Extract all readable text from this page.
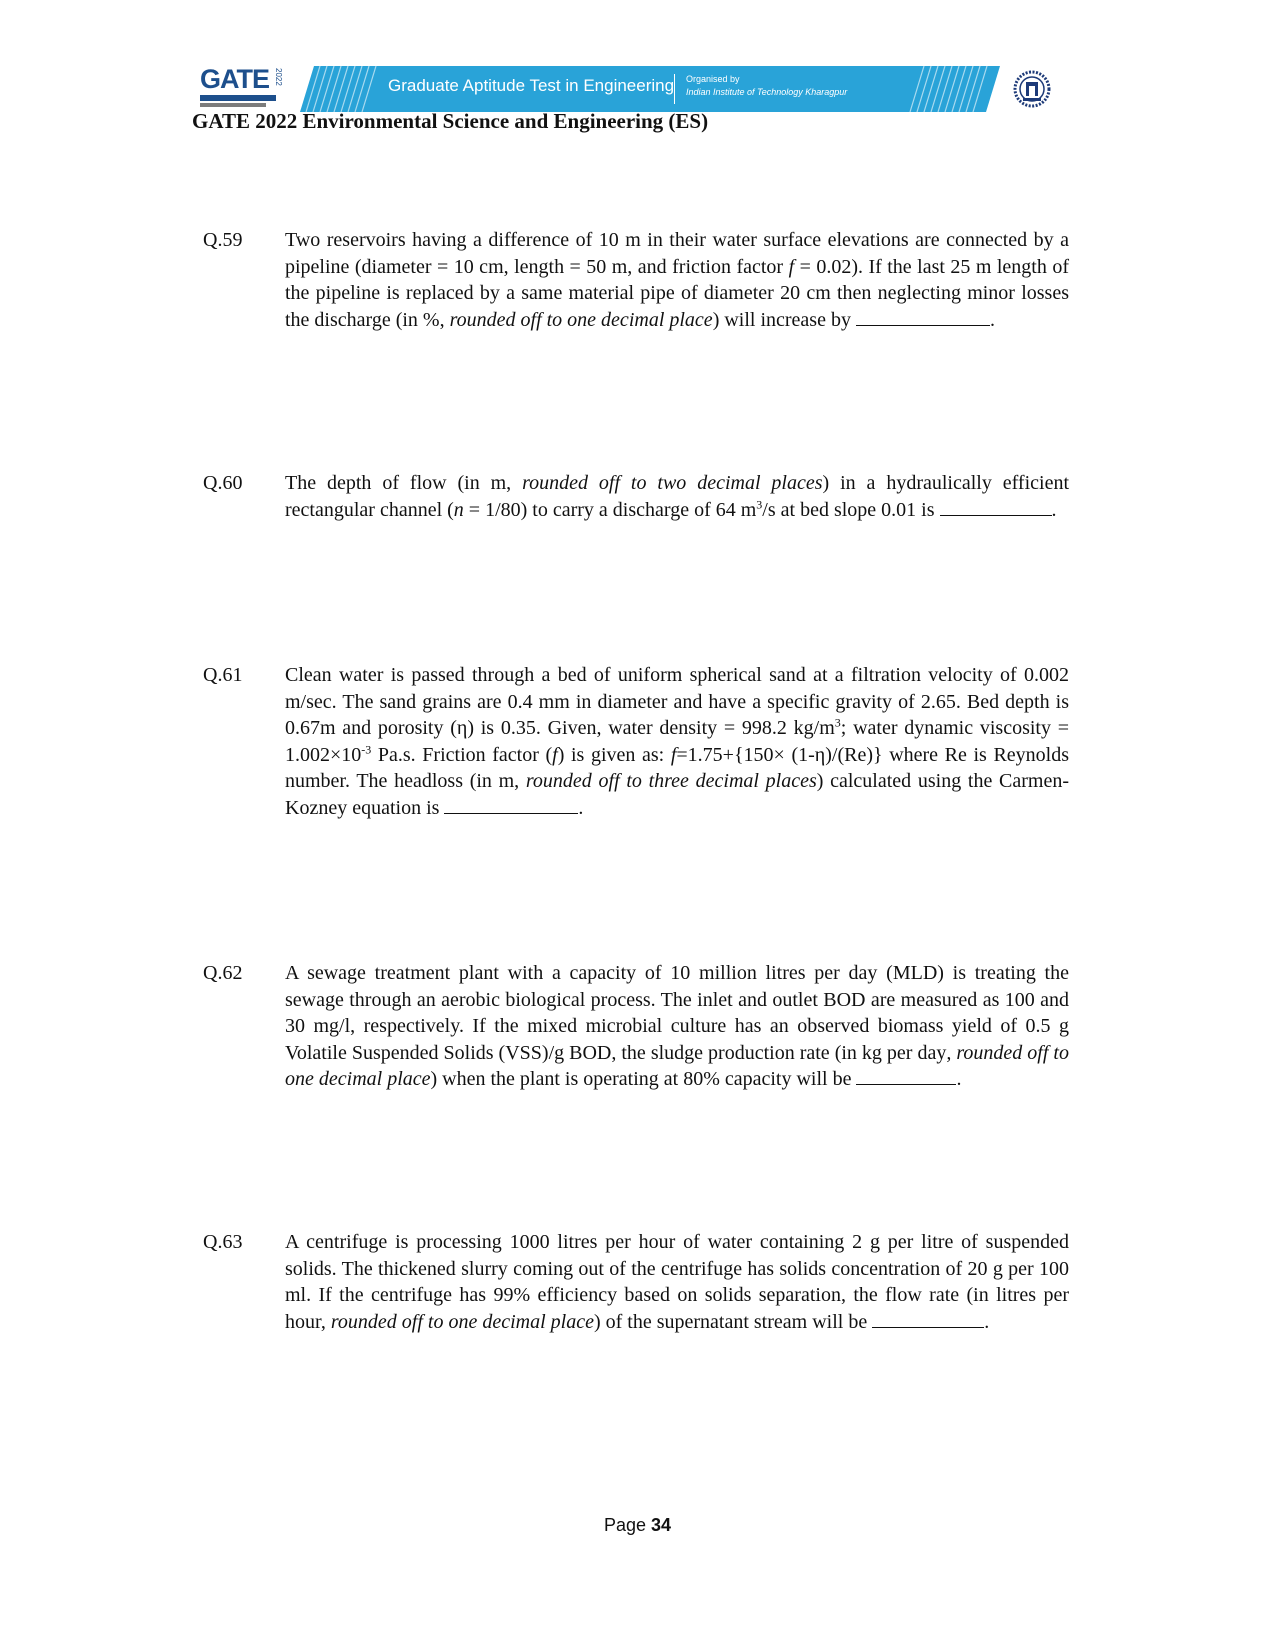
GATE 2022	Graduate Aptitude Test in Engineering Organised by
Indian Institute of Technology Kharagpur
GATE 2022 Environmental Science and Engineering (ES)
Q.59 Two reservoirs having a difference of 10 m in their water surface elevations are connected by a pipeline (diameter = 10 cm, length = 50 m, and friction factor f = 0.02). If the last 25 m length of the pipeline is replaced by a same material pipe of diameter 20 cm then neglecting minor losses the discharge (in %, rounded off to one decimal place) will increase by	.

Q.60 The depth of flow (in m, rounded off to two decimal places) in a hydraulically efficient rectangular channel (n = 1/80) to carry a discharge of 64 $m^3/s$ at bed slope 0.01 is	.

Q.61 Clean water is passed through a bed of uniform spherical sand at a filtration velocity of 0.002 m/sec. The sand grains are 0.4 mm in diameter and have a specific gravity of 2.65. Bed depth is 0.67m and porosity (η) is 0.35. Given, water density = 998.2 $kg/m^3$; water dynamic viscosity = $1.002\times 10^{-3}$ Pa.s. Friction factor (f) is given as: f=1.75+{150× (1-η)/(Re)} where Re is Reynolds number. The headloss (in m, rounded off to three decimal places) calculated using the Carmen-Kozney equation is	.

Q.62 A sewage treatment plant with a capacity of 10 million litres per day (MLD) is treating the sewage through an aerobic biological process. The inlet and outlet BOD are measured as 100 and 30 mg/l, respectively. If the mixed microbial culture has an observed biomass yield of 0.5 g Volatile Suspended Solids (VSS)/g BOD, the sludge production rate (in kg per day, rounded off to one decimal place) when the plant is operating at 80% capacity will be	.

Q.63 A centrifuge is processing 1000 litres per hour of water containing 2 g per litre of suspended solids. The thickened slurry coming out of the centrifuge has solids concentration of 20 g per 100 ml. If the centrifuge has 99% efficiency based on solids separation, the flow rate (in litres per hour, rounded off to one decimal place) of the supernatant stream will be	.

Page 34
